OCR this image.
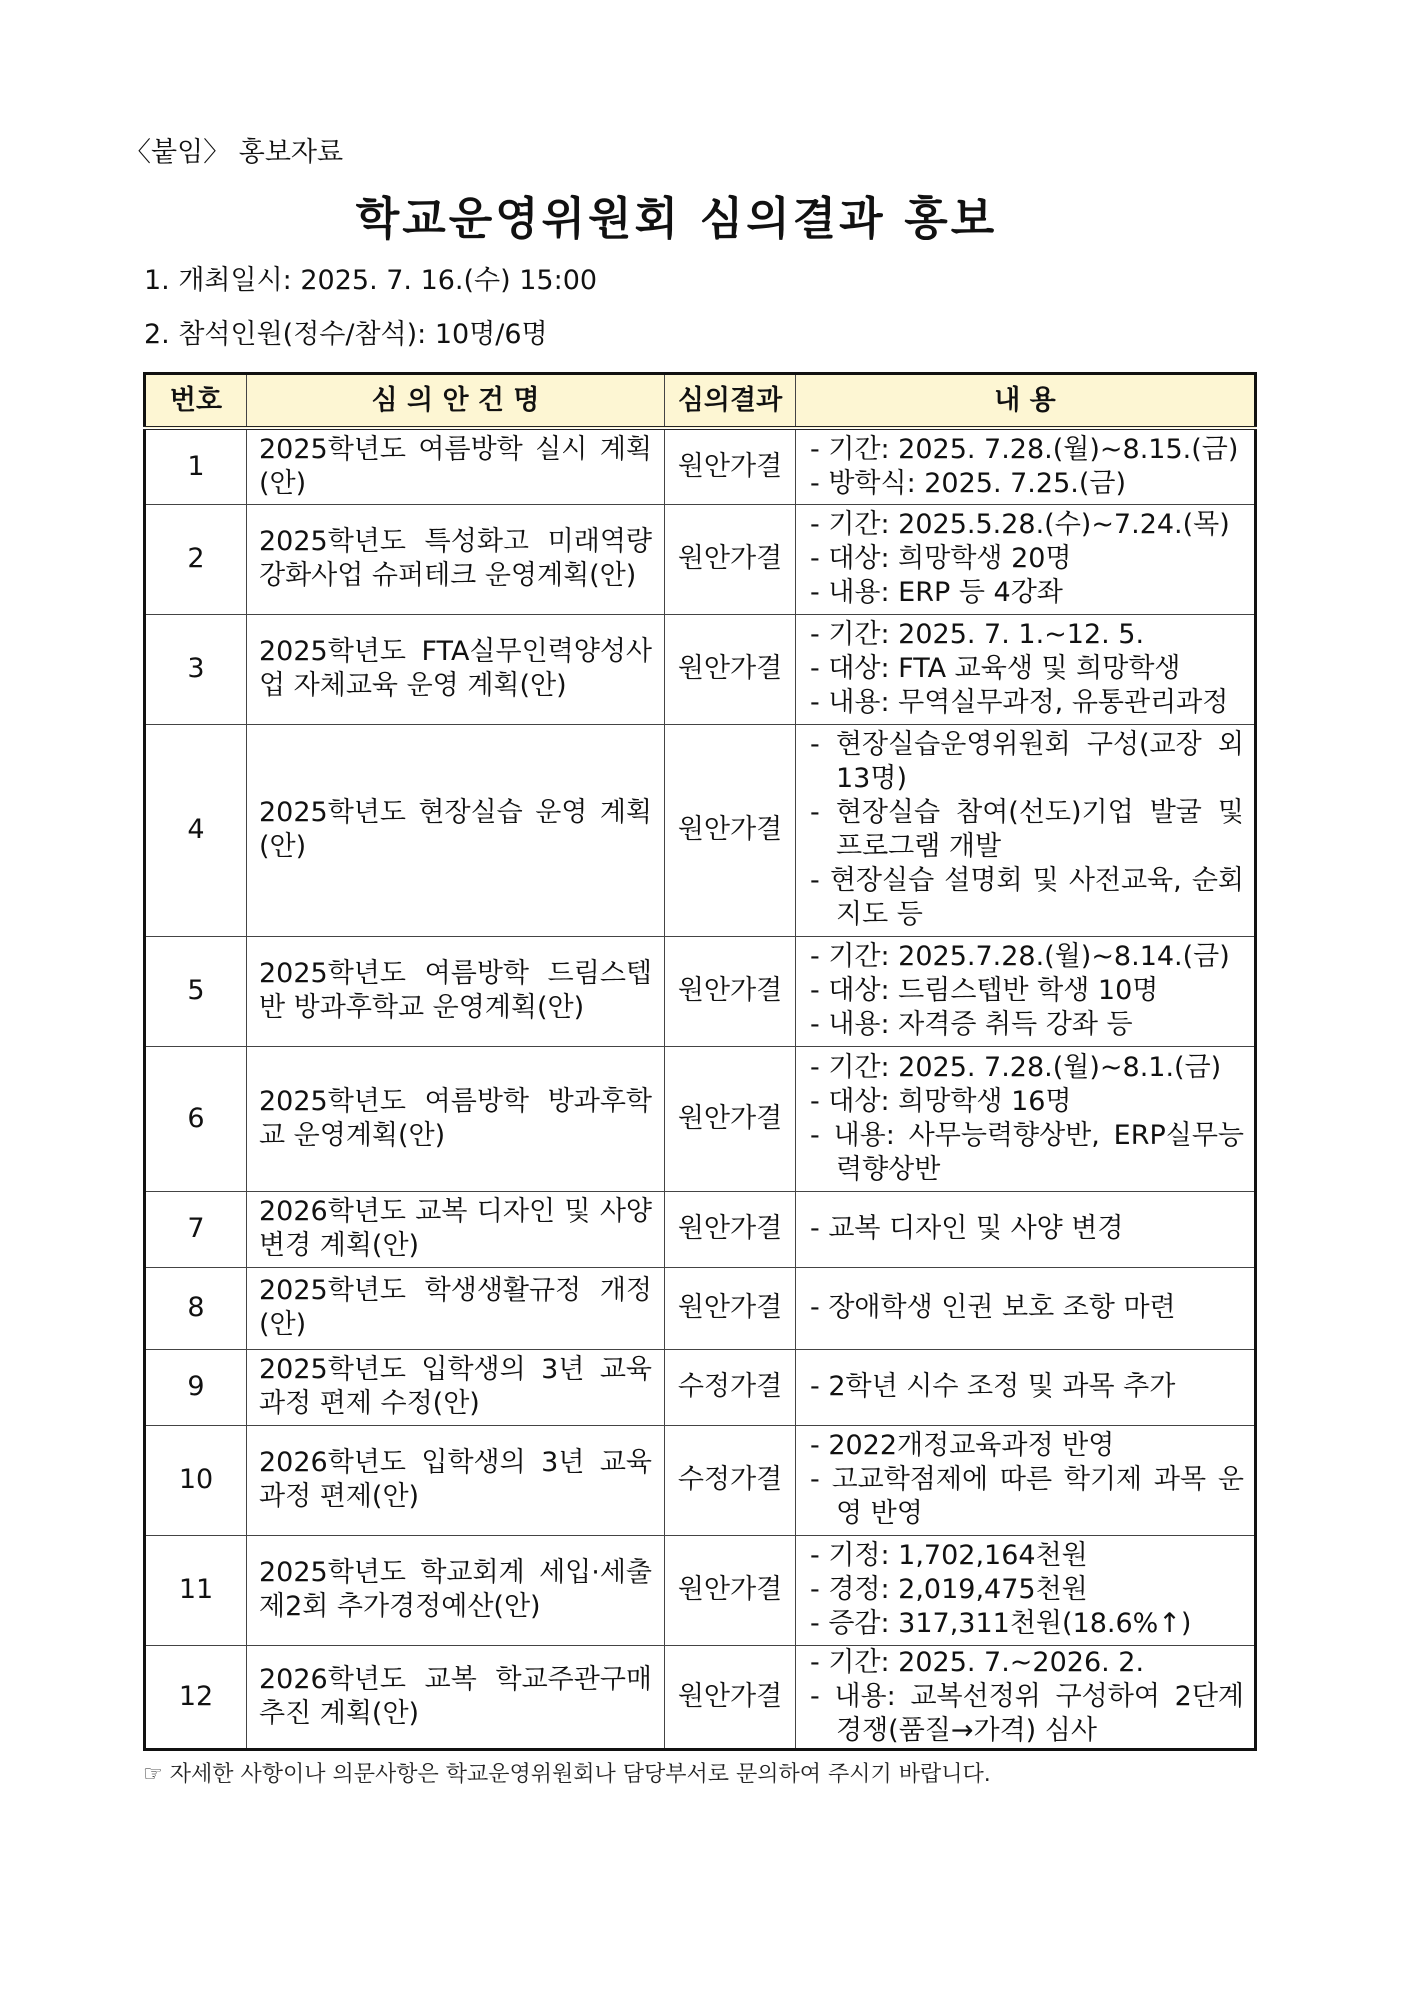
〈붙임〉 홍보자료
학교운영위원회 심의결과 홍보
1. 개최일시: 2025. 7. 16.(수) 15:00
2. 참석인원(정수/참석): 10명/6명
번호	심 의 안 건 명	심의결과	내 용
1	2025학년도 여름방학 실시 계획(안)	원안가결	- 기간: 2025. 7.28.(월)~8.15.(금)
- 방학식: 2025. 7.25.(금)

2	2025학년도 특성화고 미래역량강화사업 슈퍼테크 운영계획(안)	원안가결	- 기간: 2025.5.28.(수)~7.24.(목)
- 대상: 희망학생 20명
- 내용: ERP 등 4강좌

3	2025학년도 FTA실무인력양성사업 자체교육 운영 계획(안)	원안가결	- 기간: 2025. 7. 1.~12. 5.
- 대상: FTA 교육생 및 희망학생
- 내용: 무역실무과정, 유통관리과정

4	2025학년도 현장실습 운영 계획(안)	원안가결	- 현장실습운영위원회 구성(교장 외 13명)
- 현장실습 참여(선도)기업 발굴 및 프로그램 개발
- 현장실습 설명회 및 사전교육, 순회지도 등

5	2025학년도 여름방학 드림스텝반 방과후학교 운영계획(안)	원안가결	- 기간: 2025.7.28.(월)~8.14.(금)
- 대상: 드림스텝반 학생 10명
- 내용: 자격증 취득 강좌 등

6	2025학년도 여름방학 방과후학교 운영계획(안)	원안가결	- 기간: 2025. 7.28.(월)~8.1.(금)
- 대상: 희망학생 16명
- 내용: 사무능력향상반, ERP실무능력향상반

7	2026학년도 교복 디자인 및 사양 변경 계획(안)	원안가결	- 교복 디자인 및 사양 변경

8	2025학년도 학생생활규정 개정(안)	원안가결	- 장애학생 인권 보호 조항 마련

9	2025학년도 입학생의 3년 교육과정 편제 수정(안)	수정가결	- 2학년 시수 조정 및 과목 추가

10	2026학년도 입학생의 3년 교육과정 편제(안)	수정가결	- 2022개정교육과정 반영
- 고교학점제에 따른 학기제 과목 운영 반영

11	2025학년도 학교회계 세입·세출 제2회 추가경정예산(안)	원안가결	- 기정: 1,702,164천원
- 경정: 2,019,475천원
- 증감: 317,311천원(18.6%↑)

12	2026학년도 교복 학교주관구매 추진 계획(안)	원안가결	- 기간: 2025. 7.~2026. 2.
- 내용: 교복선정위 구성하여 2단계 경쟁(품질→가격) 심사
☞ 자세한 사항이나 의문사항은 학교운영위원회나 담당부서로 문의하여 주시기 바랍니다.
